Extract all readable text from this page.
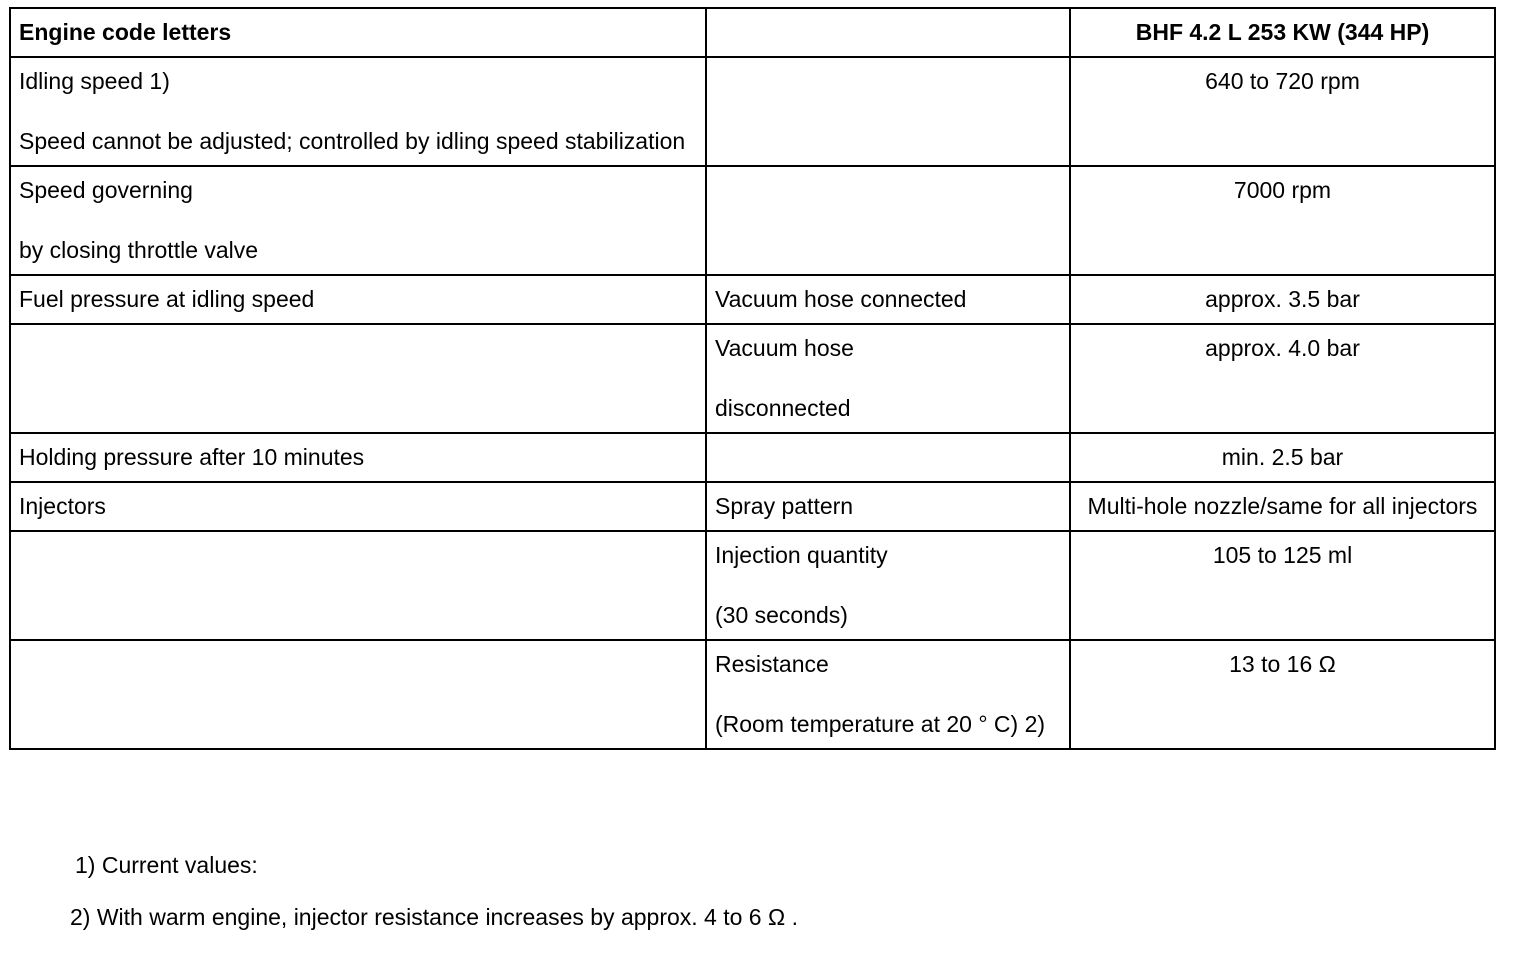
Engine code letters		BHF 4.2 L 253 KW (344 HP)

Idling speed 1)
Speed cannot be adjusted; controlled by idling speed stabilization		640 to 720 rpm

Speed governing
by closing throttle valve		7000 rpm

Fuel pressure at idling speed	Vacuum hose connected	approx. 3.5 bar

	Vacuum hose
disconnected	approx. 4.0 bar

Holding pressure after 10 minutes		min. 2.5 bar

Injectors	Spray pattern	Multi-hole nozzle/same for all injectors

	Injection quantity
(30 seconds)	105 to 125 ml

	Resistance
(Room temperature at 20 ° C) 2)	13 to 16 Ω
1) Current values:
2) With warm engine, injector resistance increases by approx. 4 to 6 Ω .
